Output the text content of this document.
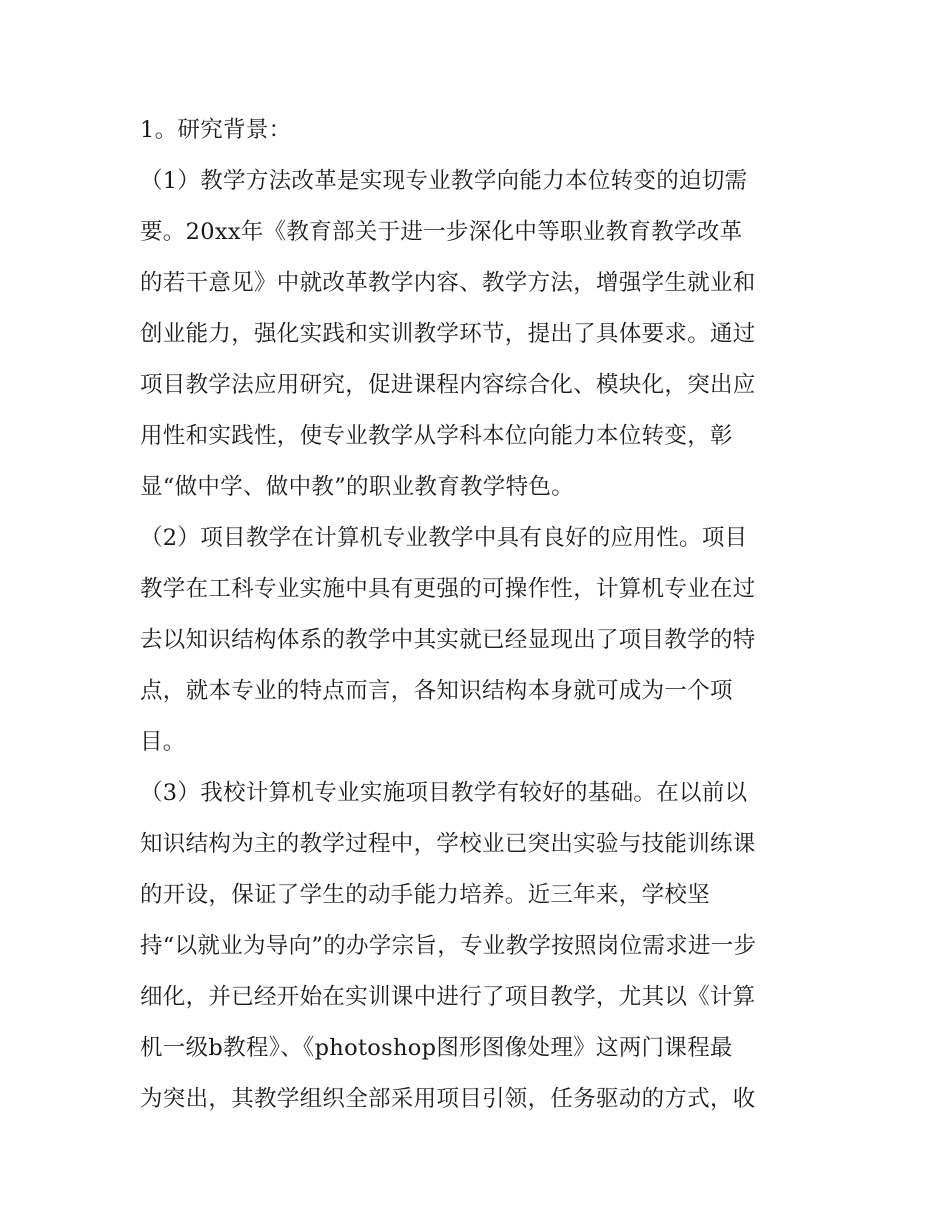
1。研究背景：

（1）教学方法改革是实现专业教学向能力本位转变的迫切需

要。20xx年《教育部关于进一步深化中等职业教育教学改革

的若干意见》中就改革教学内容、教学方法，增强学生就业和

创业能力，强化实践和实训教学环节，提出了具体要求。通过

项目教学法应用研究，促进课程内容综合化、模块化，突出应

用性和实践性，使专业教学从学科本位向能力本位转变，彰

显“做中学、做中教”的职业教育教学特色。

（2）项目教学在计算机专业教学中具有良好的应用性。项目

教学在工科专业实施中具有更强的可操作性，计算机专业在过

去以知识结构体系的教学中其实就已经显现出了项目教学的特

点，就本专业的特点而言，各知识结构本身就可成为一个项

目。

（3）我校计算机专业实施项目教学有较好的基础。在以前以

知识结构为主的教学过程中，学校业已突出实验与技能训练课

的开设，保证了学生的动手能力培养。近三年来，学校坚

持“以就业为导向”的办学宗旨，专业教学按照岗位需求进一步

细化，并已经开始在实训课中进行了项目教学，尤其以《计算

机一级b教程》、《photoshop图形图像处理》这两门课程最

为突出，其教学组织全部采用项目引领，任务驱动的方式，收
